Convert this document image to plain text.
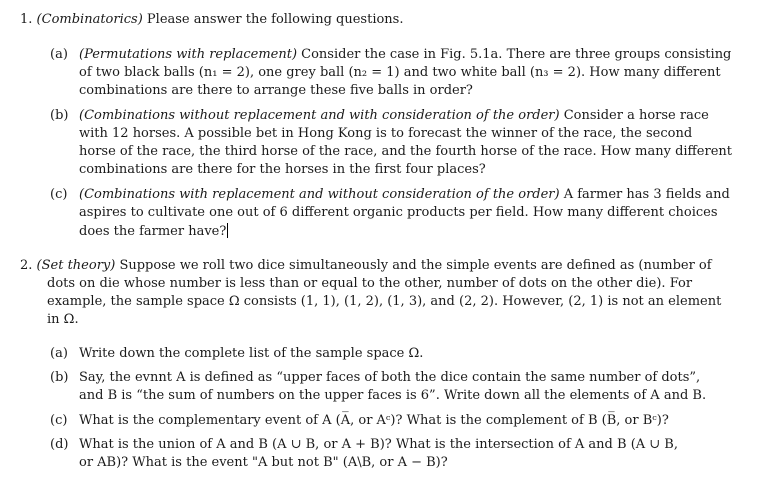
1. (Combinatorics) Please answer the following questions.
(a) (Permutations with replacement) Consider the case in Fig. 5.1a. There are three groups consisting
of two black balls (n₁ = 2), one grey ball (n₂ = 1) and two white ball (n₃ = 2). How many different
combinations are there to arrange these five balls in order?
(b) (Combinations without replacement and with consideration of the order) Consider a horse race
with 12 horses. A possible bet in Hong Kong is to forecast the winner of the race, the second
horse of the race, the third horse of the race, and the fourth horse of the race. How many different
combinations are there for the horses in the first four places?
(c) (Combinations with replacement and without consideration of the order) A farmer has 3 fields and
aspires to cultivate one out of 6 different organic products per field. How many different choices
does the farmer have?
2. (Set theory) Suppose we roll two dice simultaneously and the simple events are defined as (number of
dots on die whose number is less than or equal to the other, number of dots on the other die). For
example, the sample space Ω consists (1, 1), (1, 2), (1, 3), and (2, 2). However, (2, 1) is not an element
in Ω.
(a) Write down the complete list of the sample space Ω.
(b) Say, the evnnt A is defined as “upper faces of both the dice contain the same number of dots”,
and B is “the sum of numbers on the upper faces is 6”. Write down all the elements of A and B.
(c) What is the complementary event of A (A̅, or Aᶜ)? What is the complement of B (B̅, or Bᶜ)?
(d) What is the union of A and B (A ∪ B, or A + B)? What is the intersection of A and B (A ∪ B,
or AB)? What is the event "A but not B" (A\B, or A − B)?
